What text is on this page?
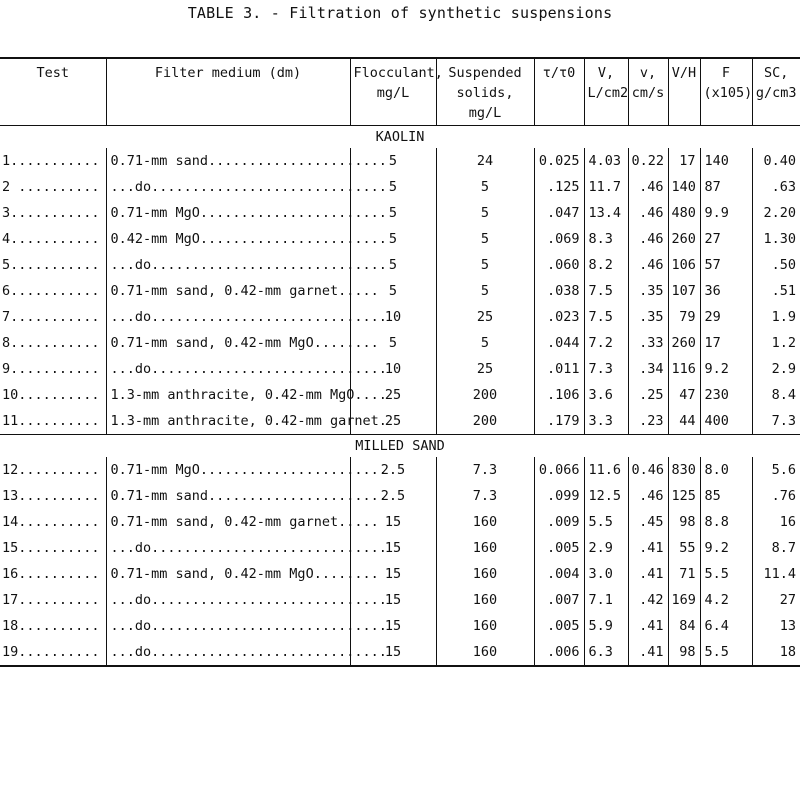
TABLE 3. - Filtration of synthetic suspensions
Test	Filter medium (dm)	Flocculant, mg/L	Suspended solids, mg/L	τ/τ0	V, L/cm2	v, cm/s	V/H	F (x105)	SC, g/cm3
KAOLIN									
1...........	0.71-mm sand......................	5	24	0.025	4.03	0.22	17	140	0.40
2 ..........	...do.............................	5	5	.125	11.7	.46	140	87	.63
3...........	0.71-mm MgO.......................	5	5	.047	13.4	.46	480	9.9	2.20
4...........	0.42-mm MgO.......................	5	5	.069	8.3	.46	260	27	1.30
5...........	...do.............................	5	5	.060	8.2	.46	106	57	.50
6...........	0.71-mm sand, 0.42-mm garnet.....	5	5	.038	7.5	.35	107	36	.51
7...........	...do.............................	10	25	.023	7.5	.35	79	29	1.9
8...........	0.71-mm sand, 0.42-mm MgO........	5	5	.044	7.2	.33	260	17	1.2
9...........	...do.............................	10	25	.011	7.3	.34	116	9.2	2.9
10..........	1.3-mm anthracite, 0.42-mm MgO....	25	200	.106	3.6	.25	47	230	8.4
11..........	1.3-mm anthracite, 0.42-mm garnet.	25	200	.179	3.3	.23	44	400	7.3
MILLED SAND									
12..........	0.71-mm MgO.......................	2.5	7.3	0.066	11.6	0.46	830	8.0	5.6
13..........	0.71-mm sand......................	2.5	7.3	.099	12.5	.46	125	85	.76
14..........	0.71-mm sand, 0.42-mm garnet.....	15	160	.009	5.5	.45	98	8.8	16
15..........	...do.............................	15	160	.005	2.9	.41	55	9.2	8.7
16..........	0.71-mm sand, 0.42-mm MgO........	15	160	.004	3.0	.41	71	5.5	11.4
17..........	...do.............................	15	160	.007	7.1	.42	169	4.2	27
18..........	...do.............................	15	160	.005	5.9	.41	84	6.4	13
19..........	...do.............................	15	160	.006	6.3	.41	98	5.5	18
